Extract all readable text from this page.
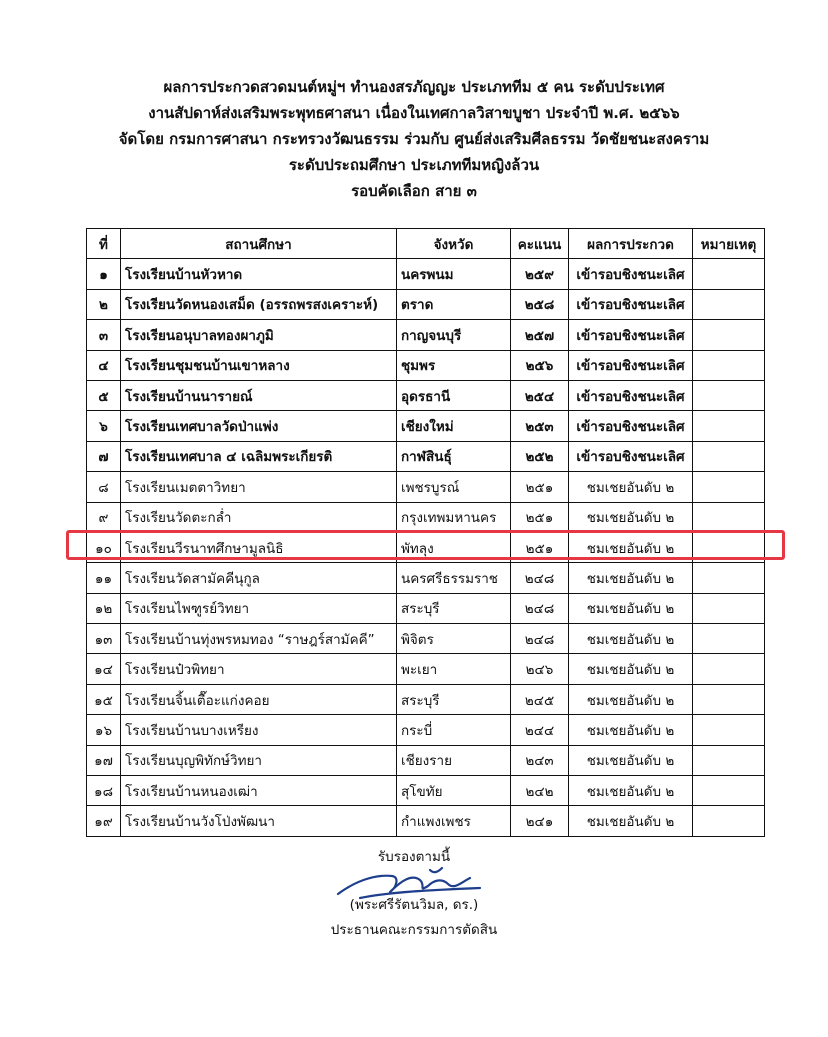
ผลการประกวดสวดมนต์หมู่ฯ ทำนองสรภัญญะ ประเภททีม ๕ คน ระดับประเทศ
งานสัปดาห์ส่งเสริมพระพุทธศาสนา เนื่องในเทศกาลวิสาขบูชา ประจำปี พ.ศ. ๒๕๖๖
จัดโดย กรมการศาสนา กระทรวงวัฒนธรรม ร่วมกับ ศูนย์ส่งเสริมศีลธรรม วัดชัยชนะสงคราม
ระดับประถมศึกษา ประเภททีมหญิงล้วน
รอบคัดเลือก สาย ๓
ที่	สถานศึกษา	จังหวัด	คะแนน	ผลการประกวด	หมายเหตุ
๑	โรงเรียนบ้านหัวหาด	นครพนม	๒๕๙	เข้ารอบชิงชนะเลิศ	
๒	โรงเรียนวัดหนองเสม็ด (อรรถพรสงเคราะห์)	ตราด	๒๕๘	เข้ารอบชิงชนะเลิศ	
๓	โรงเรียนอนุบาลทองผาภูมิ	กาญจนบุรี	๒๕๗	เข้ารอบชิงชนะเลิศ	
๔	โรงเรียนชุมชนบ้านเขาหลาง	ชุมพร	๒๕๖	เข้ารอบชิงชนะเลิศ	
๕	โรงเรียนบ้านนารายณ์	อุดรธานี	๒๕๔	เข้ารอบชิงชนะเลิศ	
๖	โรงเรียนเทศบาลวัดป่าแพ่ง	เชียงใหม่	๒๕๓	เข้ารอบชิงชนะเลิศ	
๗	โรงเรียนเทศบาล ๔ เฉลิมพระเกียรติ	กาฬสินธุ์	๒๕๒	เข้ารอบชิงชนะเลิศ	
๘	โรงเรียนเมตตาวิทยา	เพชรบูรณ์	๒๕๑	ชมเชยอันดับ ๒	
๙	โรงเรียนวัดตะกล่ำ	กรุงเทพมหานคร	๒๕๑	ชมเชยอันดับ ๒	
๑๐	โรงเรียนวีรนาทศึกษามูลนิธิ	พัทลุง	๒๕๑	ชมเชยอันดับ ๒	
๑๑	โรงเรียนวัดสามัคคีนุกูล	นครศรีธรรมราช	๒๔๘	ชมเชยอันดับ ๒	
๑๒	โรงเรียนไพฑูรย์วิทยา	สระบุรี	๒๔๘	ชมเชยอันดับ ๒	
๑๓	โรงเรียนบ้านทุ่งพรหมทอง “ราษฎร์สามัคคี”	พิจิตร	๒๔๘	ชมเชยอันดับ ๒	
๑๔	โรงเรียนป๋วพิทยา	พะเยา	๒๔๖	ชมเชยอันดับ ๒	
๑๕	โรงเรียนจิ้นเตื๊อะแก่งคอย	สระบุรี	๒๔๕	ชมเชยอันดับ ๒	
๑๖	โรงเรียนบ้านบางเหรียง	กระบี่	๒๔๔	ชมเชยอันดับ ๒	
๑๗	โรงเรียนบุญพิทักษ์วิทยา	เชียงราย	๒๔๓	ชมเชยอันดับ ๒	
๑๘	โรงเรียนบ้านหนองเฒ่า	สุโขทัย	๒๔๒	ชมเชยอันดับ ๒	
๑๙	โรงเรียนบ้านวังโป่งพัฒนา	กำแพงเพชร	๒๔๑	ชมเชยอันดับ ๒	
รับรองตามนี้
(พระศรีรัตนวิมล, ดร.)
ประธานคณะกรรมการตัดสิน
